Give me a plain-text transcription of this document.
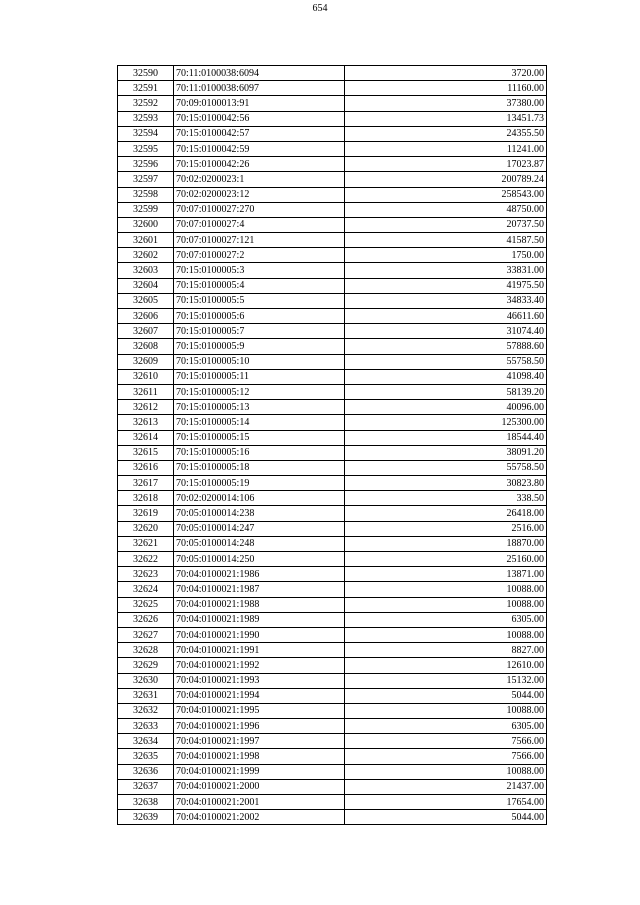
654
32590	70:11:0100038:6094	3720.00
32591	70:11:0100038:6097	11160.00
32592	70:09:0100013:91	37380.00
32593	70:15:0100042:56	13451.73
32594	70:15:0100042:57	24355.50
32595	70:15:0100042:59	11241.00
32596	70:15:0100042:26	17023.87
32597	70:02:0200023:1	200789.24
32598	70:02:0200023:12	258543.00
32599	70:07:0100027:270	48750.00
32600	70:07:0100027:4	20737.50
32601	70:07:0100027:121	41587.50
32602	70:07:0100027:2	1750.00
32603	70:15:0100005:3	33831.00
32604	70:15:0100005:4	41975.50
32605	70:15:0100005:5	34833.40
32606	70:15:0100005:6	46611.60
32607	70:15:0100005:7	31074.40
32608	70:15:0100005:9	57888.60
32609	70:15:0100005:10	55758.50
32610	70:15:0100005:11	41098.40
32611	70:15:0100005:12	58139.20
32612	70:15:0100005:13	40096.00
32613	70:15:0100005:14	125300.00
32614	70:15:0100005:15	18544.40
32615	70:15:0100005:16	38091.20
32616	70:15:0100005:18	55758.50
32617	70:15:0100005:19	30823.80
32618	70:02:0200014:106	338.50
32619	70:05:0100014:238	26418.00
32620	70:05:0100014:247	2516.00
32621	70:05:0100014:248	18870.00
32622	70:05:0100014:250	25160.00
32623	70:04:0100021:1986	13871.00
32624	70:04:0100021:1987	10088.00
32625	70:04:0100021:1988	10088.00
32626	70:04:0100021:1989	6305.00
32627	70:04:0100021:1990	10088.00
32628	70:04:0100021:1991	8827.00
32629	70:04:0100021:1992	12610.00
32630	70:04:0100021:1993	15132.00
32631	70:04:0100021:1994	5044.00
32632	70:04:0100021:1995	10088.00
32633	70:04:0100021:1996	6305.00
32634	70:04:0100021:1997	7566.00
32635	70:04:0100021:1998	7566.00
32636	70:04:0100021:1999	10088.00
32637	70:04:0100021:2000	21437.00
32638	70:04:0100021:2001	17654.00
32639	70:04:0100021:2002	5044.00
